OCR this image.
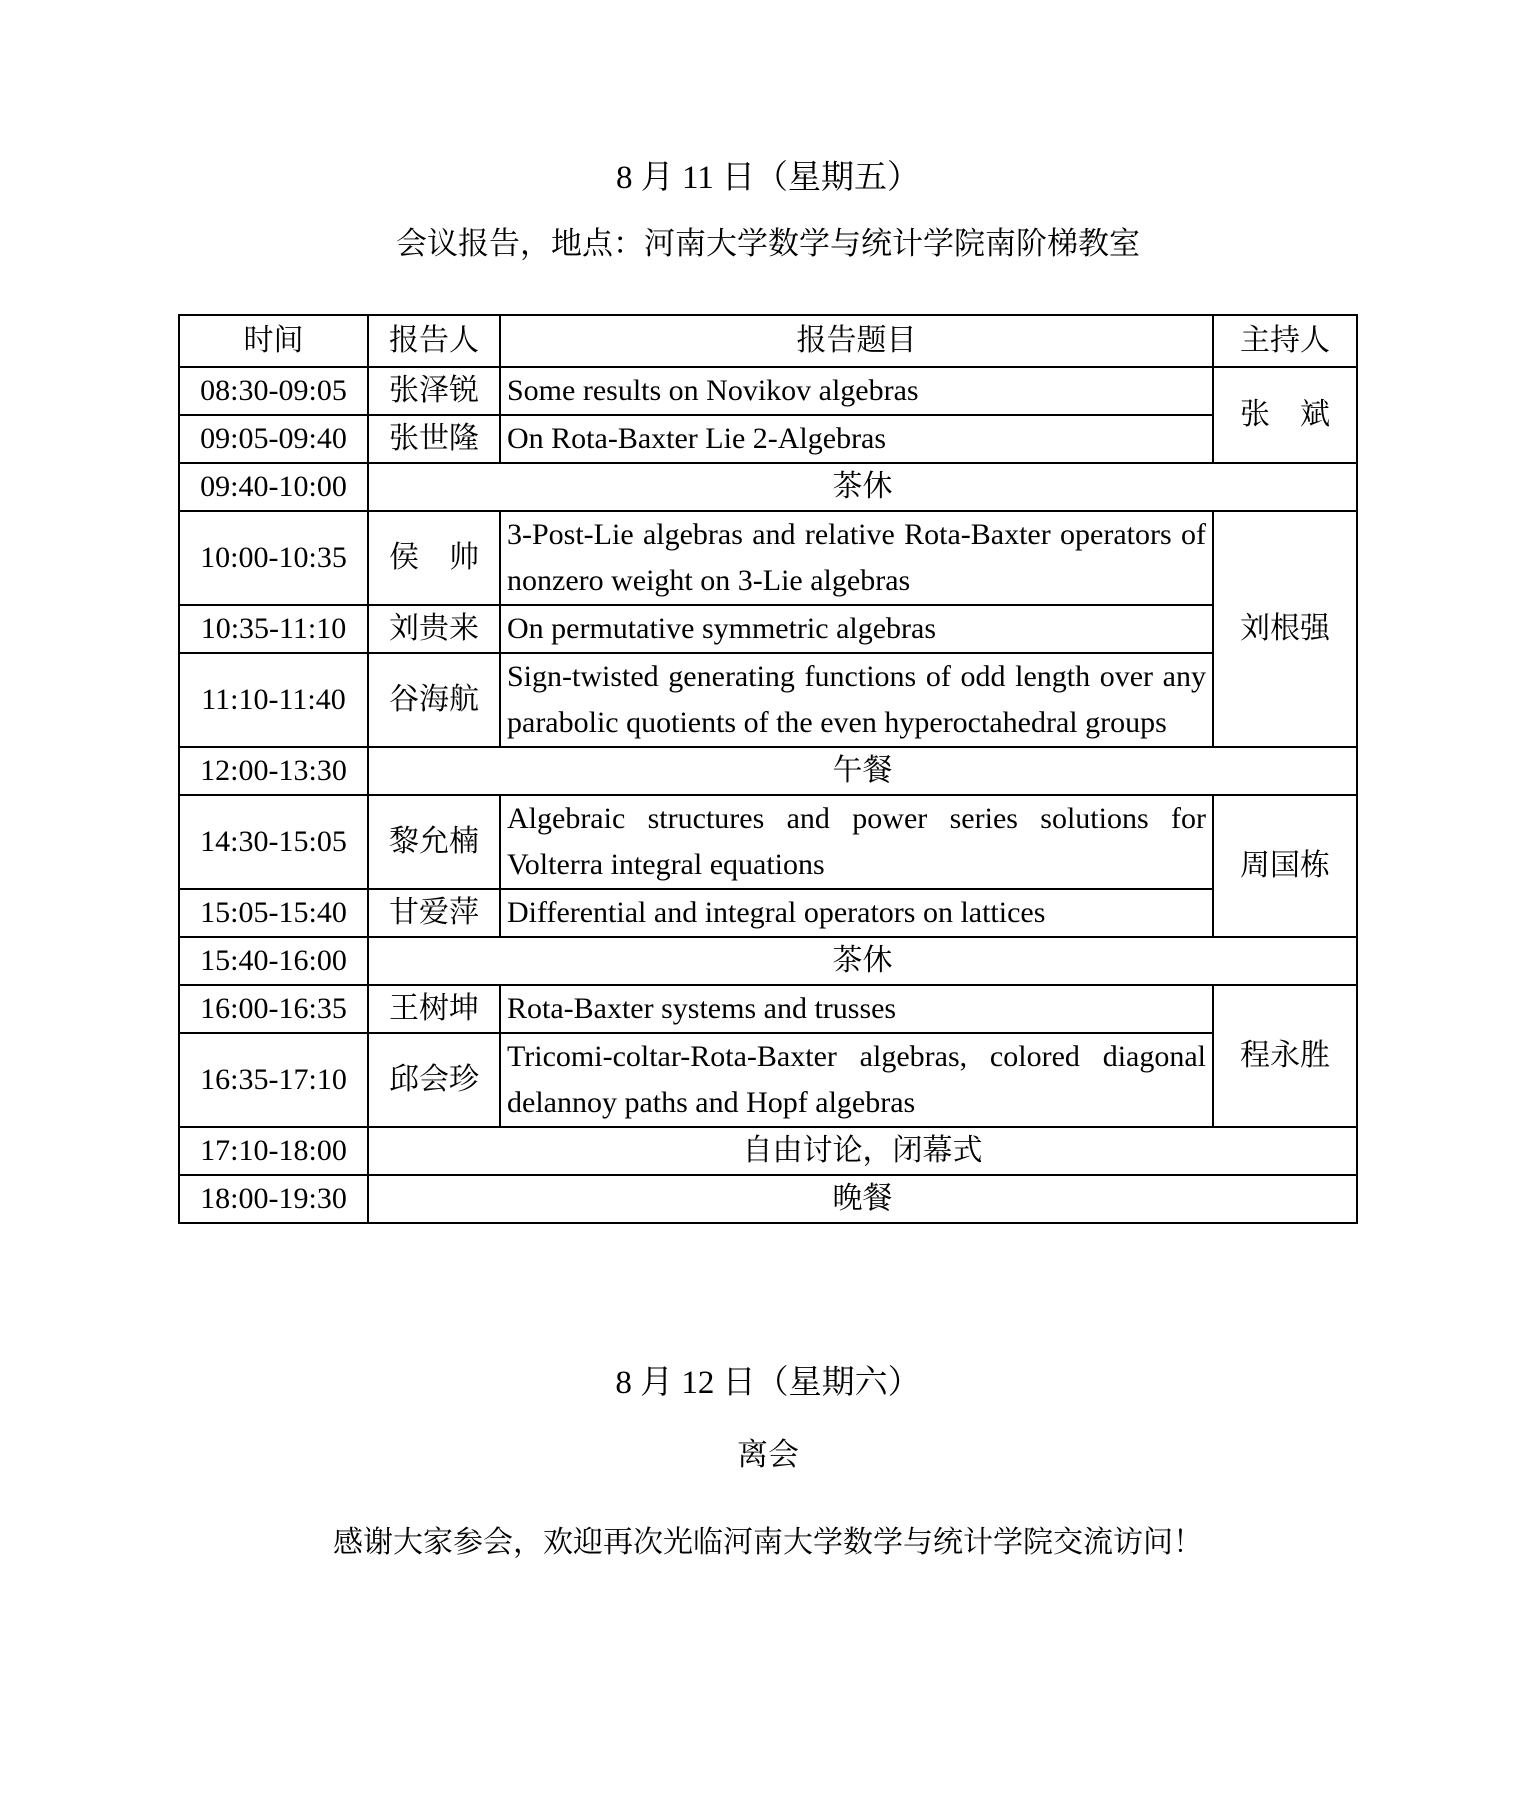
8 月 11 日（星期五）

会议报告，地点：河南大学数学与统计学院南阶梯教室

时间	报告人	报告题目	主持人
08:30-09:05	张泽锐	Some results on Novikov algebras	张　斌
09:05-09:40	张世隆	On Rota-Baxter Lie 2-Algebras	
09:40-10:00	茶休		
10:00-10:35	侯　帅	3-Post-Lie algebras and relative Rota-Baxter operators of nonzero weight on 3-Lie algebras	刘根强
10:35-11:10	刘贵来	On permutative symmetric algebras	
11:10-11:40	谷海航	Sign-twisted generating functions of odd length over any parabolic quotients of the even hyperoctahedral groups	
12:00-13:30	午餐		
14:30-15:05	黎允楠	Algebraic structures and power series solutions for Volterra integral equations	周国栋
15:05-15:40	甘爱萍	Differential and integral operators on lattices	
15:40-16:00	茶休		
16:00-16:35	王树坤	Rota-Baxter systems and trusses	程永胜
16:35-17:10	邱会珍	Tricomi-coltar-Rota-Baxter algebras, colored diagonal delannoy paths and Hopf algebras	
17:10-18:00	自由讨论，闭幕式		
18:00-19:30	晚餐		
8 月 12 日（星期六）

离会

感谢大家参会，欢迎再次光临河南大学数学与统计学院交流访问！
